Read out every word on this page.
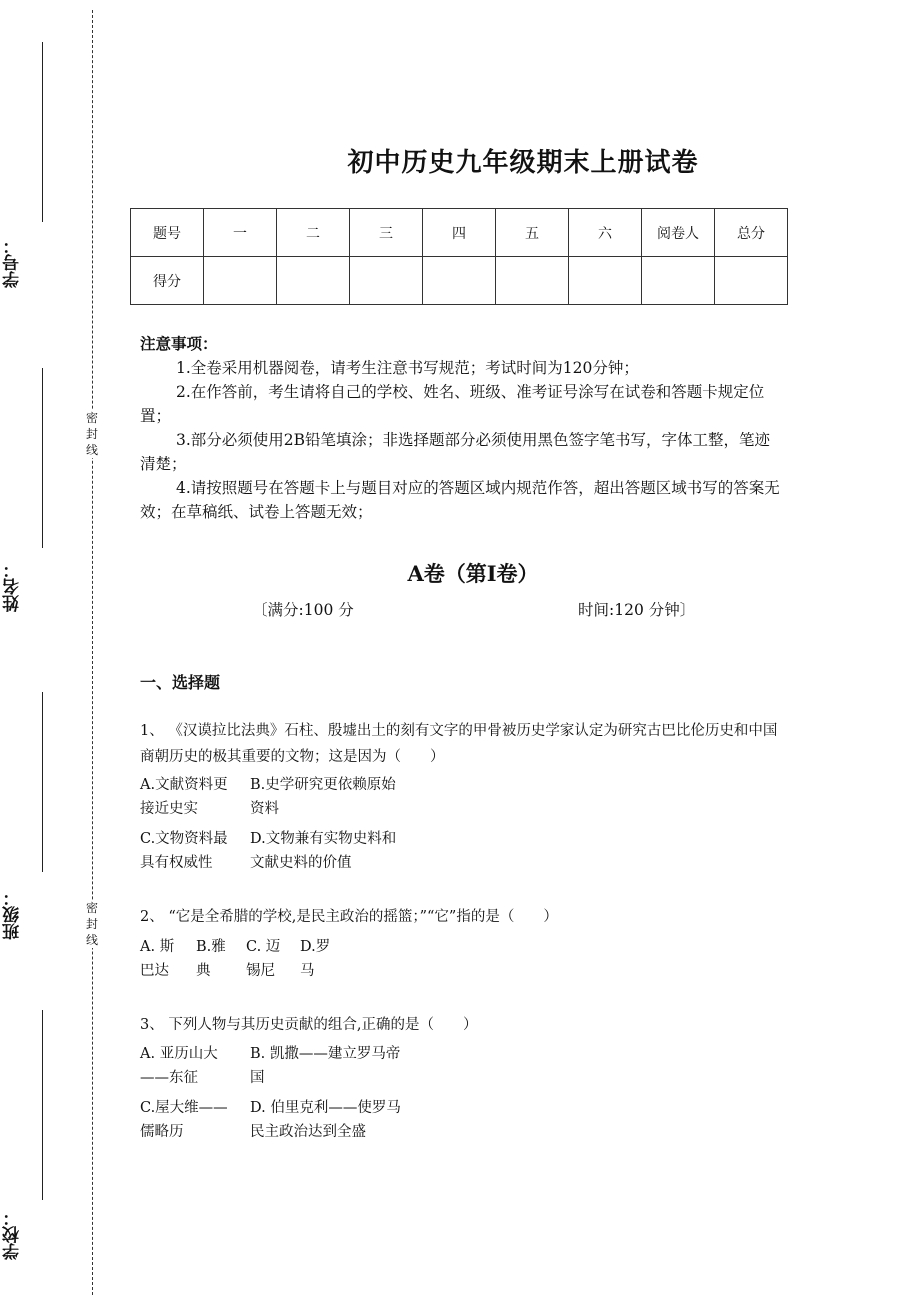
学号：
姓名：
班级：
学校：
密封线
密封线
初中历史九年级期末上册试卷
题号	一	二	三	四	五	六	阅卷人	总分
得分								
注意事项：
1.全卷采用机器阅卷，请考生注意书写规范；考试时间为120分钟；
2.在作答前，考生请将自己的学校、姓名、班级、准考证号涂写在试卷和答题卡规定位置；
3.部分必须使用2B铅笔填涂；非选择题部分必须使用黑色签字笔书写，字体工整，笔迹清楚；
4.请按照题号在答题卡上与题目对应的答题区域内规范作答，超出答题区域书写的答案无效；在草稿纸、试卷上答题无效；
A卷（第I卷）
〔满分:100 分	时间:120 分钟〕
一、选择题
1、 《汉谟拉比法典》石柱、殷墟出土的刻有文字的甲骨被历史学家认定为研究古巴比伦历史和中国商朝历史的极其重要的文物；这是因为（　　）
A.文献资料更接近史实
B.史学研究更依赖原始资料
C.文物资料最具有权威性
D.文物兼有实物史料和文献史料的价值
2、 “它是全希腊的学校,是民主政治的摇篮；”“它”指的是（　　）
A. 斯巴达
B.雅典
C. 迈锡尼
D.罗马
3、 下列人物与其历史贡献的组合,正确的是（　　）
A. 亚历山大——东征
B. 凯撒——建立罗马帝国
C.屋大维——儒略历
D. 伯里克利——使罗马民主政治达到全盛
